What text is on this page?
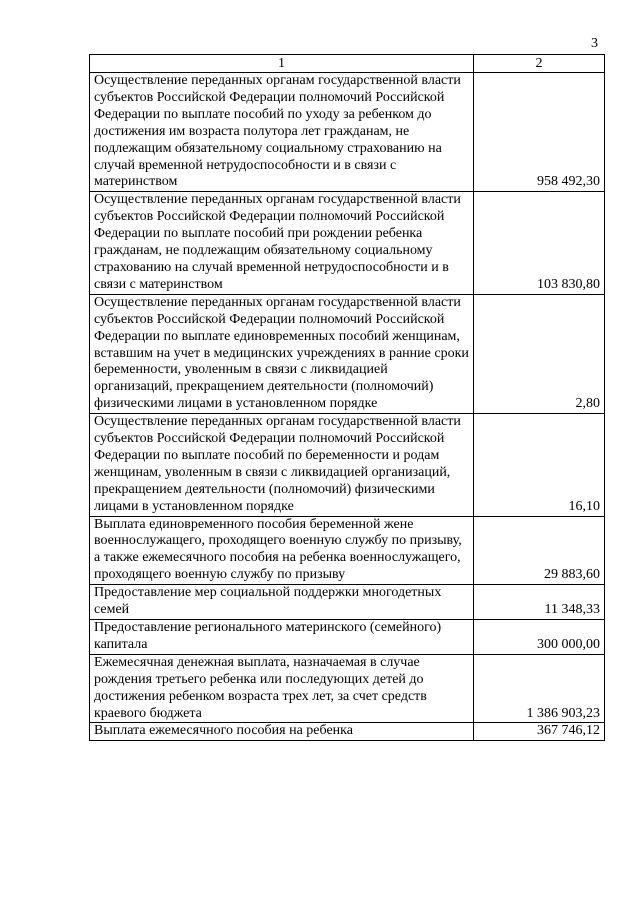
3
1	2
Осуществление переданных органам государственной власти субъектов Российской Федерации полномочий Российской Федерации по выплате пособий по уходу за ребенком до достижения им возраста полутора лет гражданам, не подлежащим обязательному социальному страхованию на случай временной нетрудоспособности и в связи с материнством	958 492,30
Осуществление переданных органам государственной власти субъектов Российской Федерации полномочий Российской Федерации по выплате пособий при рождении ребенка гражданам, не подлежащим обязательному социальному страхованию на случай временной нетрудоспособности и в связи с материнством	103 830,80
Осуществление переданных органам государственной власти субъектов Российской Федерации полномочий Российской Федерации по выплате единовременных пособий женщинам, вставшим на учет в медицинских учреждениях в ранние сроки беременности, уволенным в связи с ликвидацией организаций, прекращением деятельности (полномочий) физическими лицами в установленном порядке	2,80
Осуществление переданных органам государственной власти субъектов Российской Федерации полномочий Российской Федерации по выплате пособий по беременности и родам женщинам, уволенным в связи с ликвидацией организаций, прекращением деятельности (полномочий) физическими лицами в установленном порядке	16,10
Выплата единовременного пособия беременной жене военнослужащего, проходящего военную службу по призыву, а также ежемесячного пособия на ребенка военнослужащего, проходящего военную службу по призыву	29 883,60
Предоставление мер социальной поддержки многодетных семей	11 348,33
Предоставление регионального материнского (семейного) капитала	300 000,00
Ежемесячная денежная выплата, назначаемая в случае рождения третьего ребенка или последующих детей до достижения ребенком возраста трех лет, за счет средств краевого бюджета	1 386 903,23
Выплата ежемесячного пособия на ребенка	367 746,12
